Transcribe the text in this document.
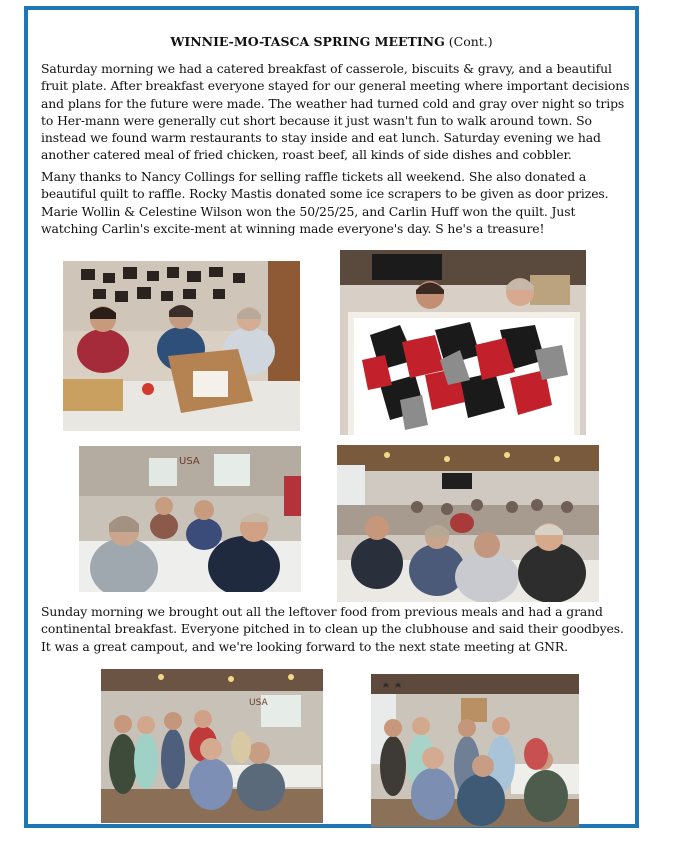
WINNIE-MO-TASCA SPRING MEETING (Cont.)

Saturday morning we had a catered breakfast of casserole, biscuits & gravy, and a beautiful fruit plate. After breakfast everyone stayed for our general meeting where important decisions and plans for the future were made. The weather had turned cold and gray over night so trips to Her-mann were generally cut short because it just wasn't fun to walk around town. So instead we found warm restaurants to stay inside and eat lunch. Saturday evening we had another catered meal of fried chicken, roast beef, all kinds of side dishes and cobbler.

Many thanks to Nancy Collings for selling raffle tickets all weekend. She also donated a beautiful quilt to raffle. Rocky Mastis donated some ice scrapers to be given as door prizes. Marie Wollin & Celestine Wilson won the 50/25/25, and Carlin Huff won the quilt. Just watching Carlin's excite-ment at winning made everyone's day. S he's a treasure!

USA

Sunday morning we brought out all the leftover food from previous meals and had a grand continental breakfast. Everyone pitched in to clean up the clubhouse and said their goodbyes. It was a great campout, and we're looking forward to the next state meeting at GNR.

USA
